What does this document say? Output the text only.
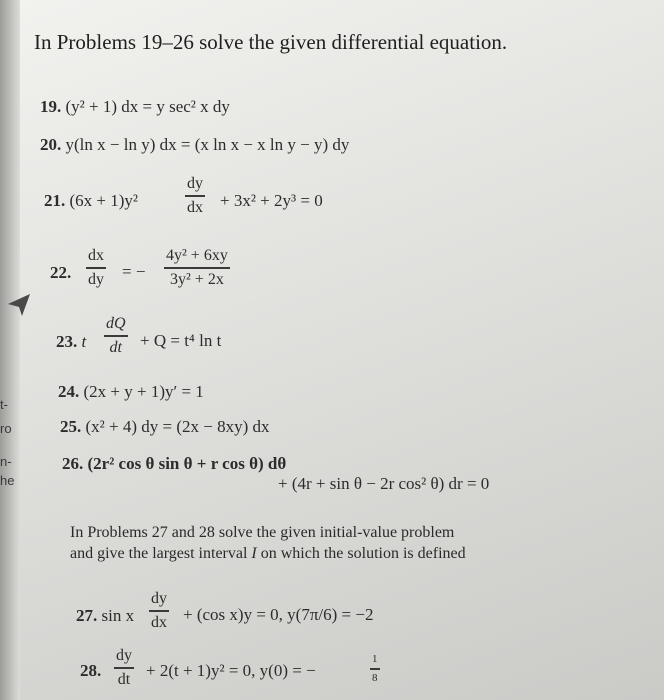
t-
ro
n-
he
In Problems 19–26 solve the given differential equation.
19. (y² + 1) dx = y sec² x dy
20. y(ln x − ln y) dx = (x ln x − x ln y − y) dy
21. (6x + 1)y²
dy
dx + 3x² + 2y³ = 0
22.
dx
dy = −
4y² + 6xy
3y² + 2x
23. t
dQ
dt + Q = t⁴ ln t
24. (2x + y + 1)y′ = 1
25. (x² + 4) dy = (2x − 8xy) dx
26. (2r² cos θ sin θ + r cos θ) dθ
+ (4r + sin θ − 2r cos² θ) dr = 0
In Problems 27 and 28 solve the given initial-value problem
and give the largest interval I on which the solution is defined
27. sin x
dy
dx + (cos x)y = 0, y(7π/6) = −2
28.
dy
dt + 2(t + 1)y² = 0, y(0) = −
1
8
